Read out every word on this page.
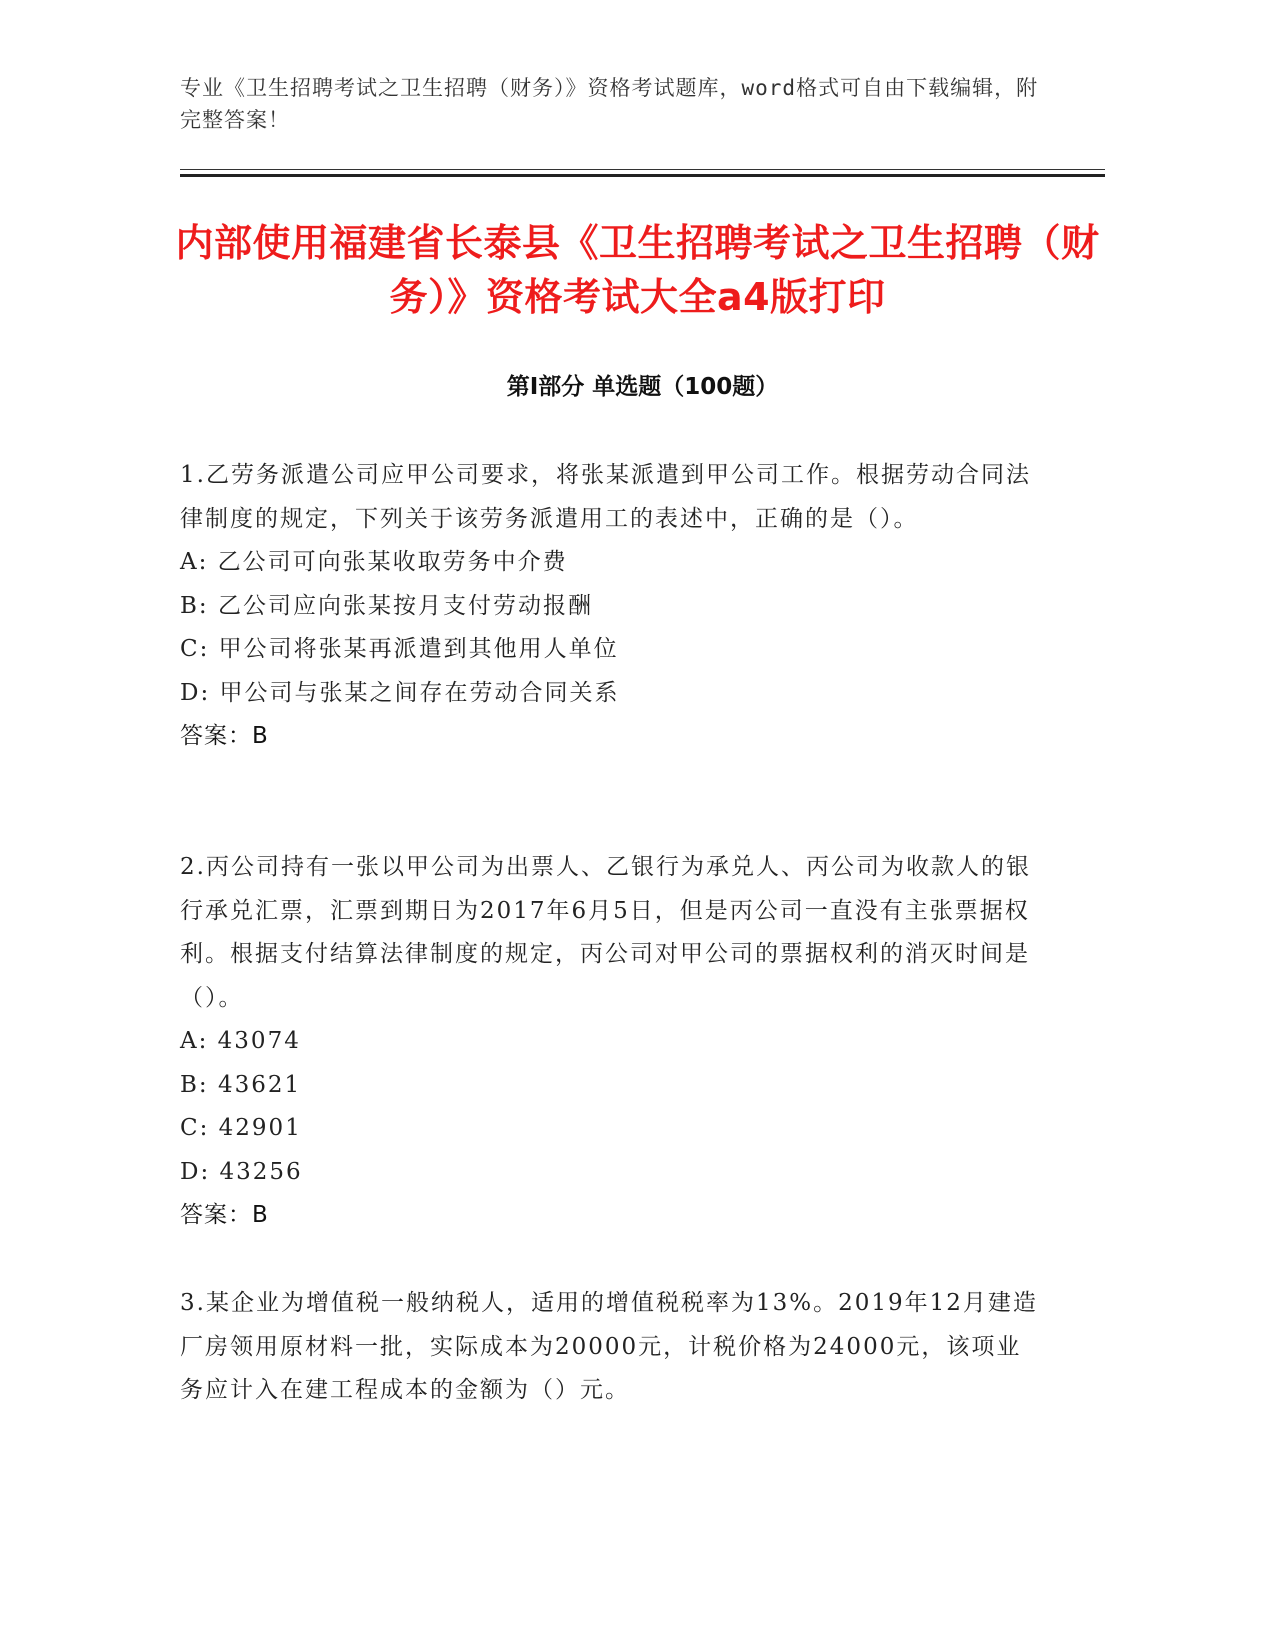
专业《卫生招聘考试之卫生招聘（财务）》资格考试题库，word格式可自由下载编辑，附完整答案！
内部使用福建省长泰县《卫生招聘考试之卫生招聘（财务）》资格考试大全a4版打印
第Ⅰ部分 单选题（100题）
1.乙劳务派遣公司应甲公司要求，将张某派遣到甲公司工作。根据劳动合同法律制度的规定，下列关于该劳务派遣用工的表述中，正确的是（）。
A: 乙公司可向张某收取劳务中介费
B: 乙公司应向张某按月支付劳动报酬
C: 甲公司将张某再派遣到其他用人单位
D: 甲公司与张某之间存在劳动合同关系
答案：B
2.丙公司持有一张以甲公司为出票人、乙银行为承兑人、丙公司为收款人的银行承兑汇票，汇票到期日为2017年6月5日，但是丙公司一直没有主张票据权利。根据支付结算法律制度的规定，丙公司对甲公司的票据权利的消灭时间是（）。
A: 43074
B: 43621
C: 42901
D: 43256
答案：B
3.某企业为增值税一般纳税人，适用的增值税税率为13%。2019年12月建造厂房领用原材料一批，实际成本为20000元，计税价格为24000元，该项业务应计入在建工程成本的金额为（）元。
